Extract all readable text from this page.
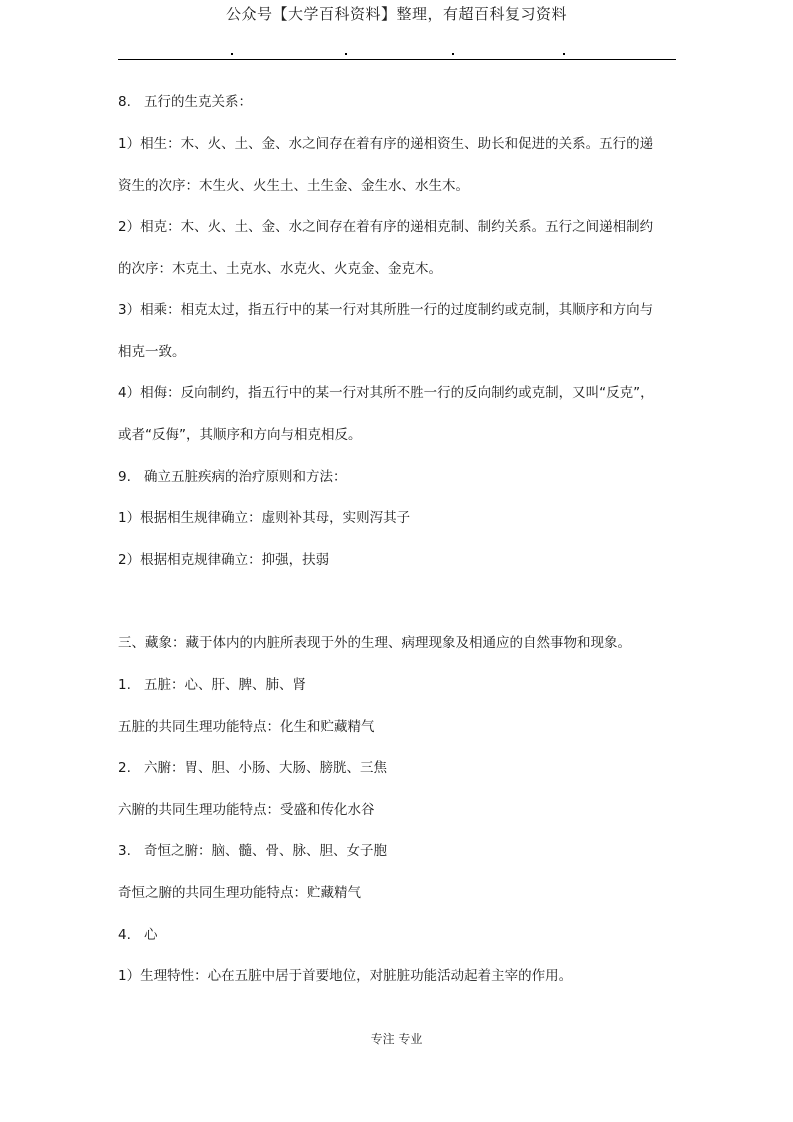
公众号【大学百科资料】整理，有超百科复习资料
8. 五行的生克关系：
1）相生：木、火、土、金、水之间存在着有序的递相资生、助长和促进的关系。五行的递
资生的次序：木生火、火生土、土生金、金生水、水生木。
2）相克：木、火、土、金、水之间存在着有序的递相克制、制约关系。五行之间递相制约
的次序：木克土、土克水、水克火、火克金、金克木。
3）相乘：相克太过，指五行中的某一行对其所胜一行的过度制约或克制，其顺序和方向与
相克一致。
4）相侮：反向制约，指五行中的某一行对其所不胜一行的反向制约或克制，又叫“反克”，
或者“反侮”，其顺序和方向与相克相反。
9. 确立五脏疾病的治疗原则和方法：
1）根据相生规律确立：虚则补其母，实则泻其子
2）根据相克规律确立：抑强，扶弱
三、藏象：藏于体内的内脏所表现于外的生理、病理现象及相通应的自然事物和现象。
1. 五脏：心、肝、脾、肺、肾
五脏的共同生理功能特点：化生和贮藏精气
2. 六腑：胃、胆、小肠、大肠、膀胱、三焦
六腑的共同生理功能特点：受盛和传化水谷
3. 奇恒之腑：脑、髓、骨、脉、胆、女子胞
奇恒之腑的共同生理功能特点：贮藏精气
4. 心
1）生理特性：心在五脏中居于首要地位，对脏脏功能活动起着主宰的作用。
专注 专业
